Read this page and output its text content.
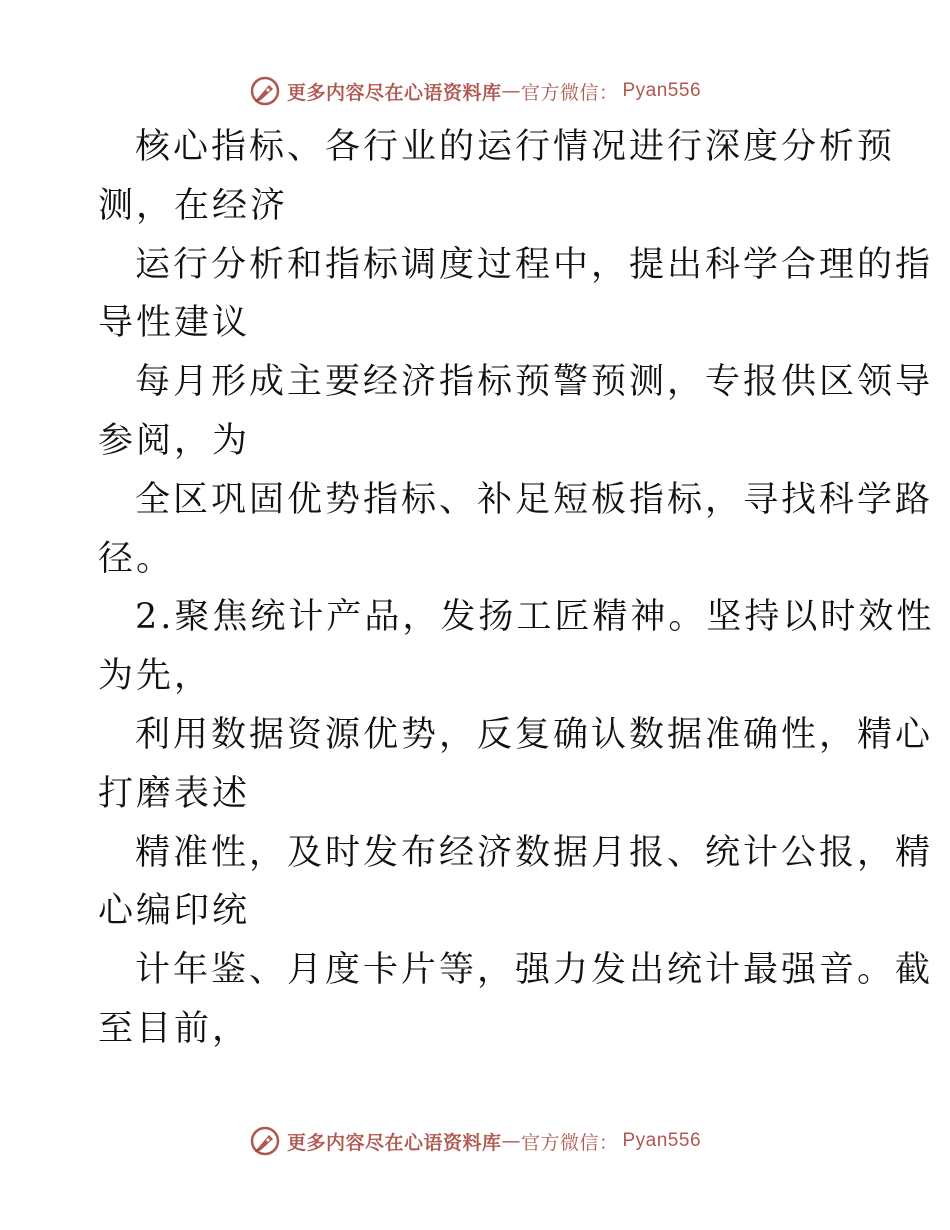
更多内容尽在心语资料库 — 官方微信： Pyan556
核心指标、各行业的运行情况进行深度分析预
测，在经济
运行分析和指标调度过程中，提出科学合理的指
导性建议
每月形成主要经济指标预警预测，专报供区领导
参阅，为
全区巩固优势指标、补足短板指标，寻找科学路
径。
2.聚焦统计产品，发扬工匠精神。坚持以时效性
为先，
利用数据资源优势，反复确认数据准确性，精心
打磨表述
精准性，及时发布经济数据月报、统计公报，精
心编印统
计年鉴、月度卡片等，强力发出统计最强音。截
至目前，
更多内容尽在心语资料库 — 官方微信： Pyan556
